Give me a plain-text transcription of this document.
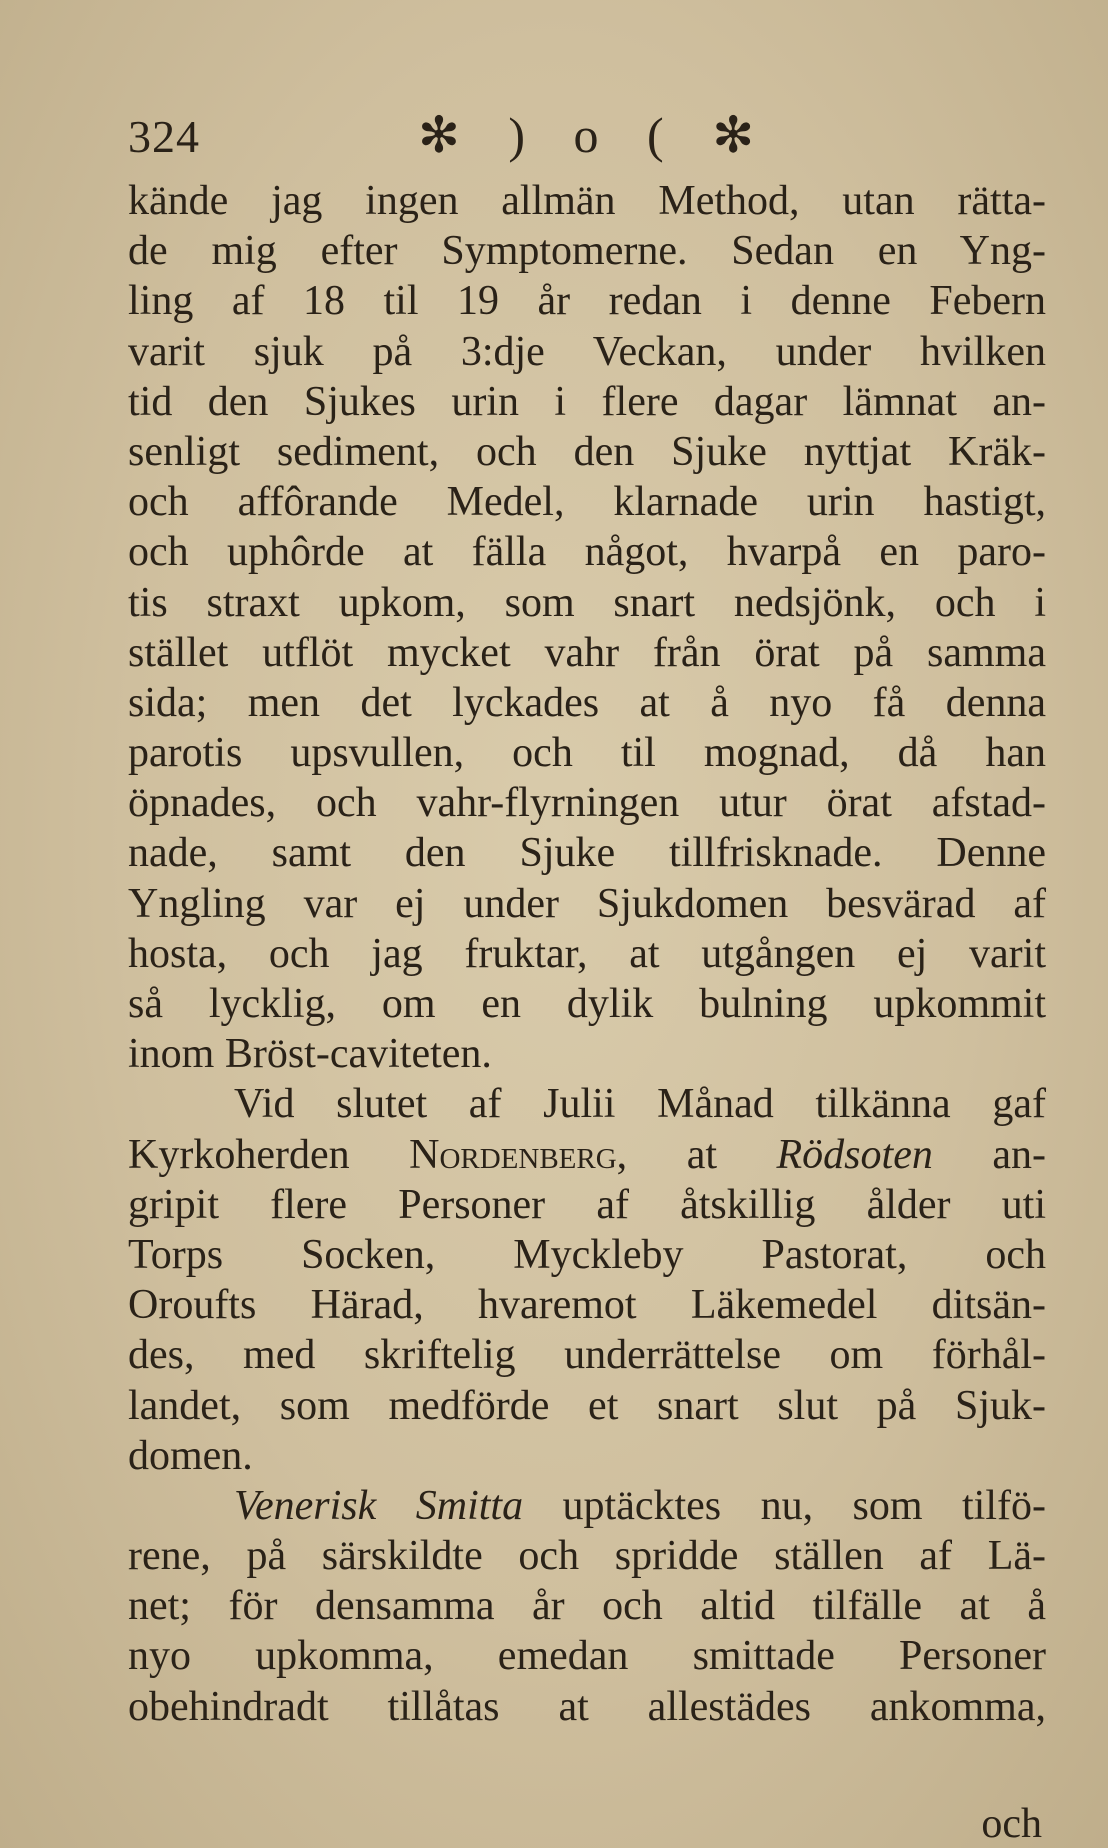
324	✻ ) o ( ✻
kände jag ingen allmän Method, utan rätta-
de mig efter Symptomerne. Sedan en Yng-
ling af 18 til 19 år redan i denne Febern
varit sjuk på 3:dje Veckan, under hvilken
tid den Sjukes urin i flere dagar lämnat an-
senligt sediment, och den Sjuke nyttjat Kräk-
och affôrande Medel, klarnade urin hastigt,
och uphôrde at fälla något, hvarpå en paro-
tis straxt upkom, som snart nedsjönk, och i
stället utflöt mycket vahr från örat på samma
sida; men det lyckades at å nyo få denna
parotis upsvullen, och til mognad, då han
öpnades, och vahr-flyrningen utur örat afstad-
nade, samt den Sjuke tillfrisknade. Denne
Yngling var ej under Sjukdomen besvärad af
hosta, och jag fruktar, at utgången ej varit
så lycklig, om en dylik bulning upkommit
inom Bröst-caviteten.
Vid slutet af Julii Månad tilkänna gaf
Kyrkoherden Nordenberg, at Rödsoten an-
gripit flere Personer af åtskillig ålder uti
Torps Socken, Myckleby Pastorat, och
Oroufts Härad, hvaremot Läkemedel ditsän-
des, med skriftelig underrättelse om förhål-
landet, som medförde et snart slut på Sjuk-
domen.
Venerisk Smitta uptäcktes nu, som tilfö-
rene, på särskildte och spridde ställen af Lä-
net; för densamma år och altid tilfälle at å
nyo upkomma, emedan smittade Personer
obehindradt tillåtas at allestädes ankomma,
och
